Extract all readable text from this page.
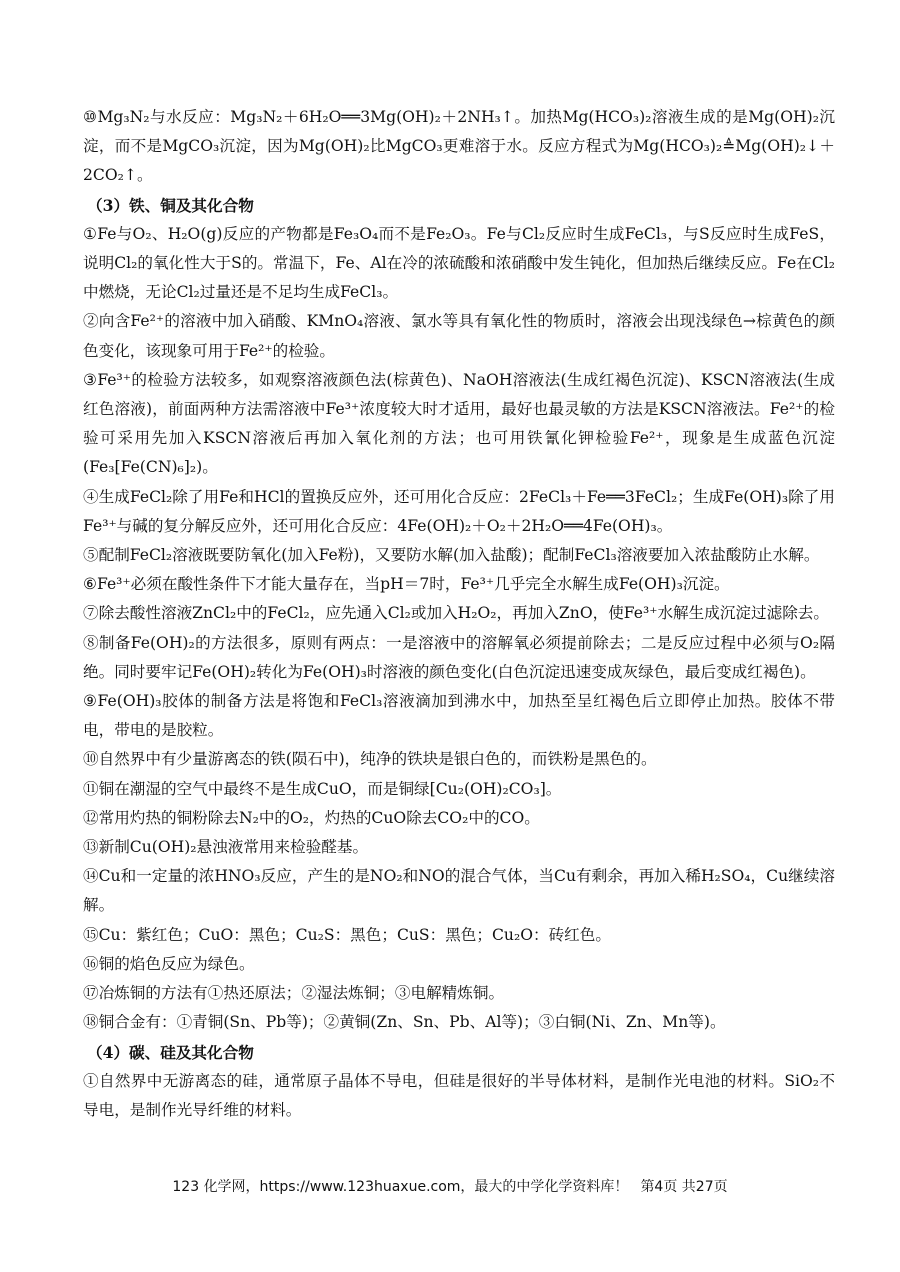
⑩Mg₃N₂与水反应：Mg₃N₂＋6H₂O══3Mg(OH)₂＋2NH₃↑。加热Mg(HCO₃)₂溶液生成的是Mg(OH)₂沉淀，而不是MgCO₃沉淀，因为Mg(OH)₂比MgCO₃更难溶于水。反应方程式为Mg(HCO₃)₂≜Mg(OH)₂↓＋2CO₂↑。

（3）铁、铜及其化合物

①Fe与O₂、H₂O(g)反应的产物都是Fe₃O₄而不是Fe₂O₃。Fe与Cl₂反应时生成FeCl₃，与S反应时生成FeS，说明Cl₂的氧化性大于S的。常温下，Fe、Al在冷的浓硫酸和浓硝酸中发生钝化，但加热后继续反应。Fe在Cl₂中燃烧，无论Cl₂过量还是不足均生成FeCl₃。

②向含Fe²⁺的溶液中加入硝酸、KMnO₄溶液、氯水等具有氧化性的物质时，溶液会出现浅绿色→棕黄色的颜色变化，该现象可用于Fe²⁺的检验。

③Fe³⁺的检验方法较多，如观察溶液颜色法(棕黄色)、NaOH溶液法(生成红褐色沉淀)、KSCN溶液法(生成红色溶液)，前面两种方法需溶液中Fe³⁺浓度较大时才适用，最好也最灵敏的方法是KSCN溶液法。Fe²⁺的检验可采用先加入KSCN溶液后再加入氧化剂的方法；也可用铁氰化钾检验Fe²⁺，现象是生成蓝色沉淀(Fe₃[Fe(CN)₆]₂)。

④生成FeCl₂除了用Fe和HCl的置换反应外，还可用化合反应：2FeCl₃＋Fe══3FeCl₂；生成Fe(OH)₃除了用Fe³⁺与碱的复分解反应外，还可用化合反应：4Fe(OH)₂＋O₂＋2H₂O══4Fe(OH)₃。

⑤配制FeCl₂溶液既要防氧化(加入Fe粉)，又要防水解(加入盐酸)；配制FeCl₃溶液要加入浓盐酸防止水解。

⑥Fe³⁺必须在酸性条件下才能大量存在，当pH＝7时，Fe³⁺几乎完全水解生成Fe(OH)₃沉淀。

⑦除去酸性溶液ZnCl₂中的FeCl₂，应先通入Cl₂或加入H₂O₂，再加入ZnO，使Fe³⁺水解生成沉淀过滤除去。

⑧制备Fe(OH)₂的方法很多，原则有两点：一是溶液中的溶解氧必须提前除去；二是反应过程中必须与O₂隔绝。同时要牢记Fe(OH)₂转化为Fe(OH)₃时溶液的颜色变化(白色沉淀迅速变成灰绿色，最后变成红褐色)。

⑨Fe(OH)₃胶体的制备方法是将饱和FeCl₃溶液滴加到沸水中，加热至呈红褐色后立即停止加热。胶体不带电，带电的是胶粒。

⑩自然界中有少量游离态的铁(陨石中)，纯净的铁块是银白色的，而铁粉是黑色的。

⑪铜在潮湿的空气中最终不是生成CuO，而是铜绿[Cu₂(OH)₂CO₃]。

⑫常用灼热的铜粉除去N₂中的O₂，灼热的CuO除去CO₂中的CO。

⑬新制Cu(OH)₂悬浊液常用来检验醛基。

⑭Cu和一定量的浓HNO₃反应，产生的是NO₂和NO的混合气体，当Cu有剩余，再加入稀H₂SO₄，Cu继续溶解。

⑮Cu：紫红色；CuO：黑色；Cu₂S：黑色；CuS：黑色；Cu₂O：砖红色。

⑯铜的焰色反应为绿色。

⑰冶炼铜的方法有①热还原法；②湿法炼铜；③电解精炼铜。

⑱铜合金有：①青铜(Sn、Pb等)；②黄铜(Zn、Sn、Pb、Al等)；③白铜(Ni、Zn、Mn等)。

（4）碳、硅及其化合物

①自然界中无游离态的硅，通常原子晶体不导电，但硅是很好的半导体材料，是制作光电池的材料。SiO₂不导电，是制作光导纤维的材料。

123 化学网，https://www.123huaxue.com，最大的中学化学资料库！ 第4页 共27页
